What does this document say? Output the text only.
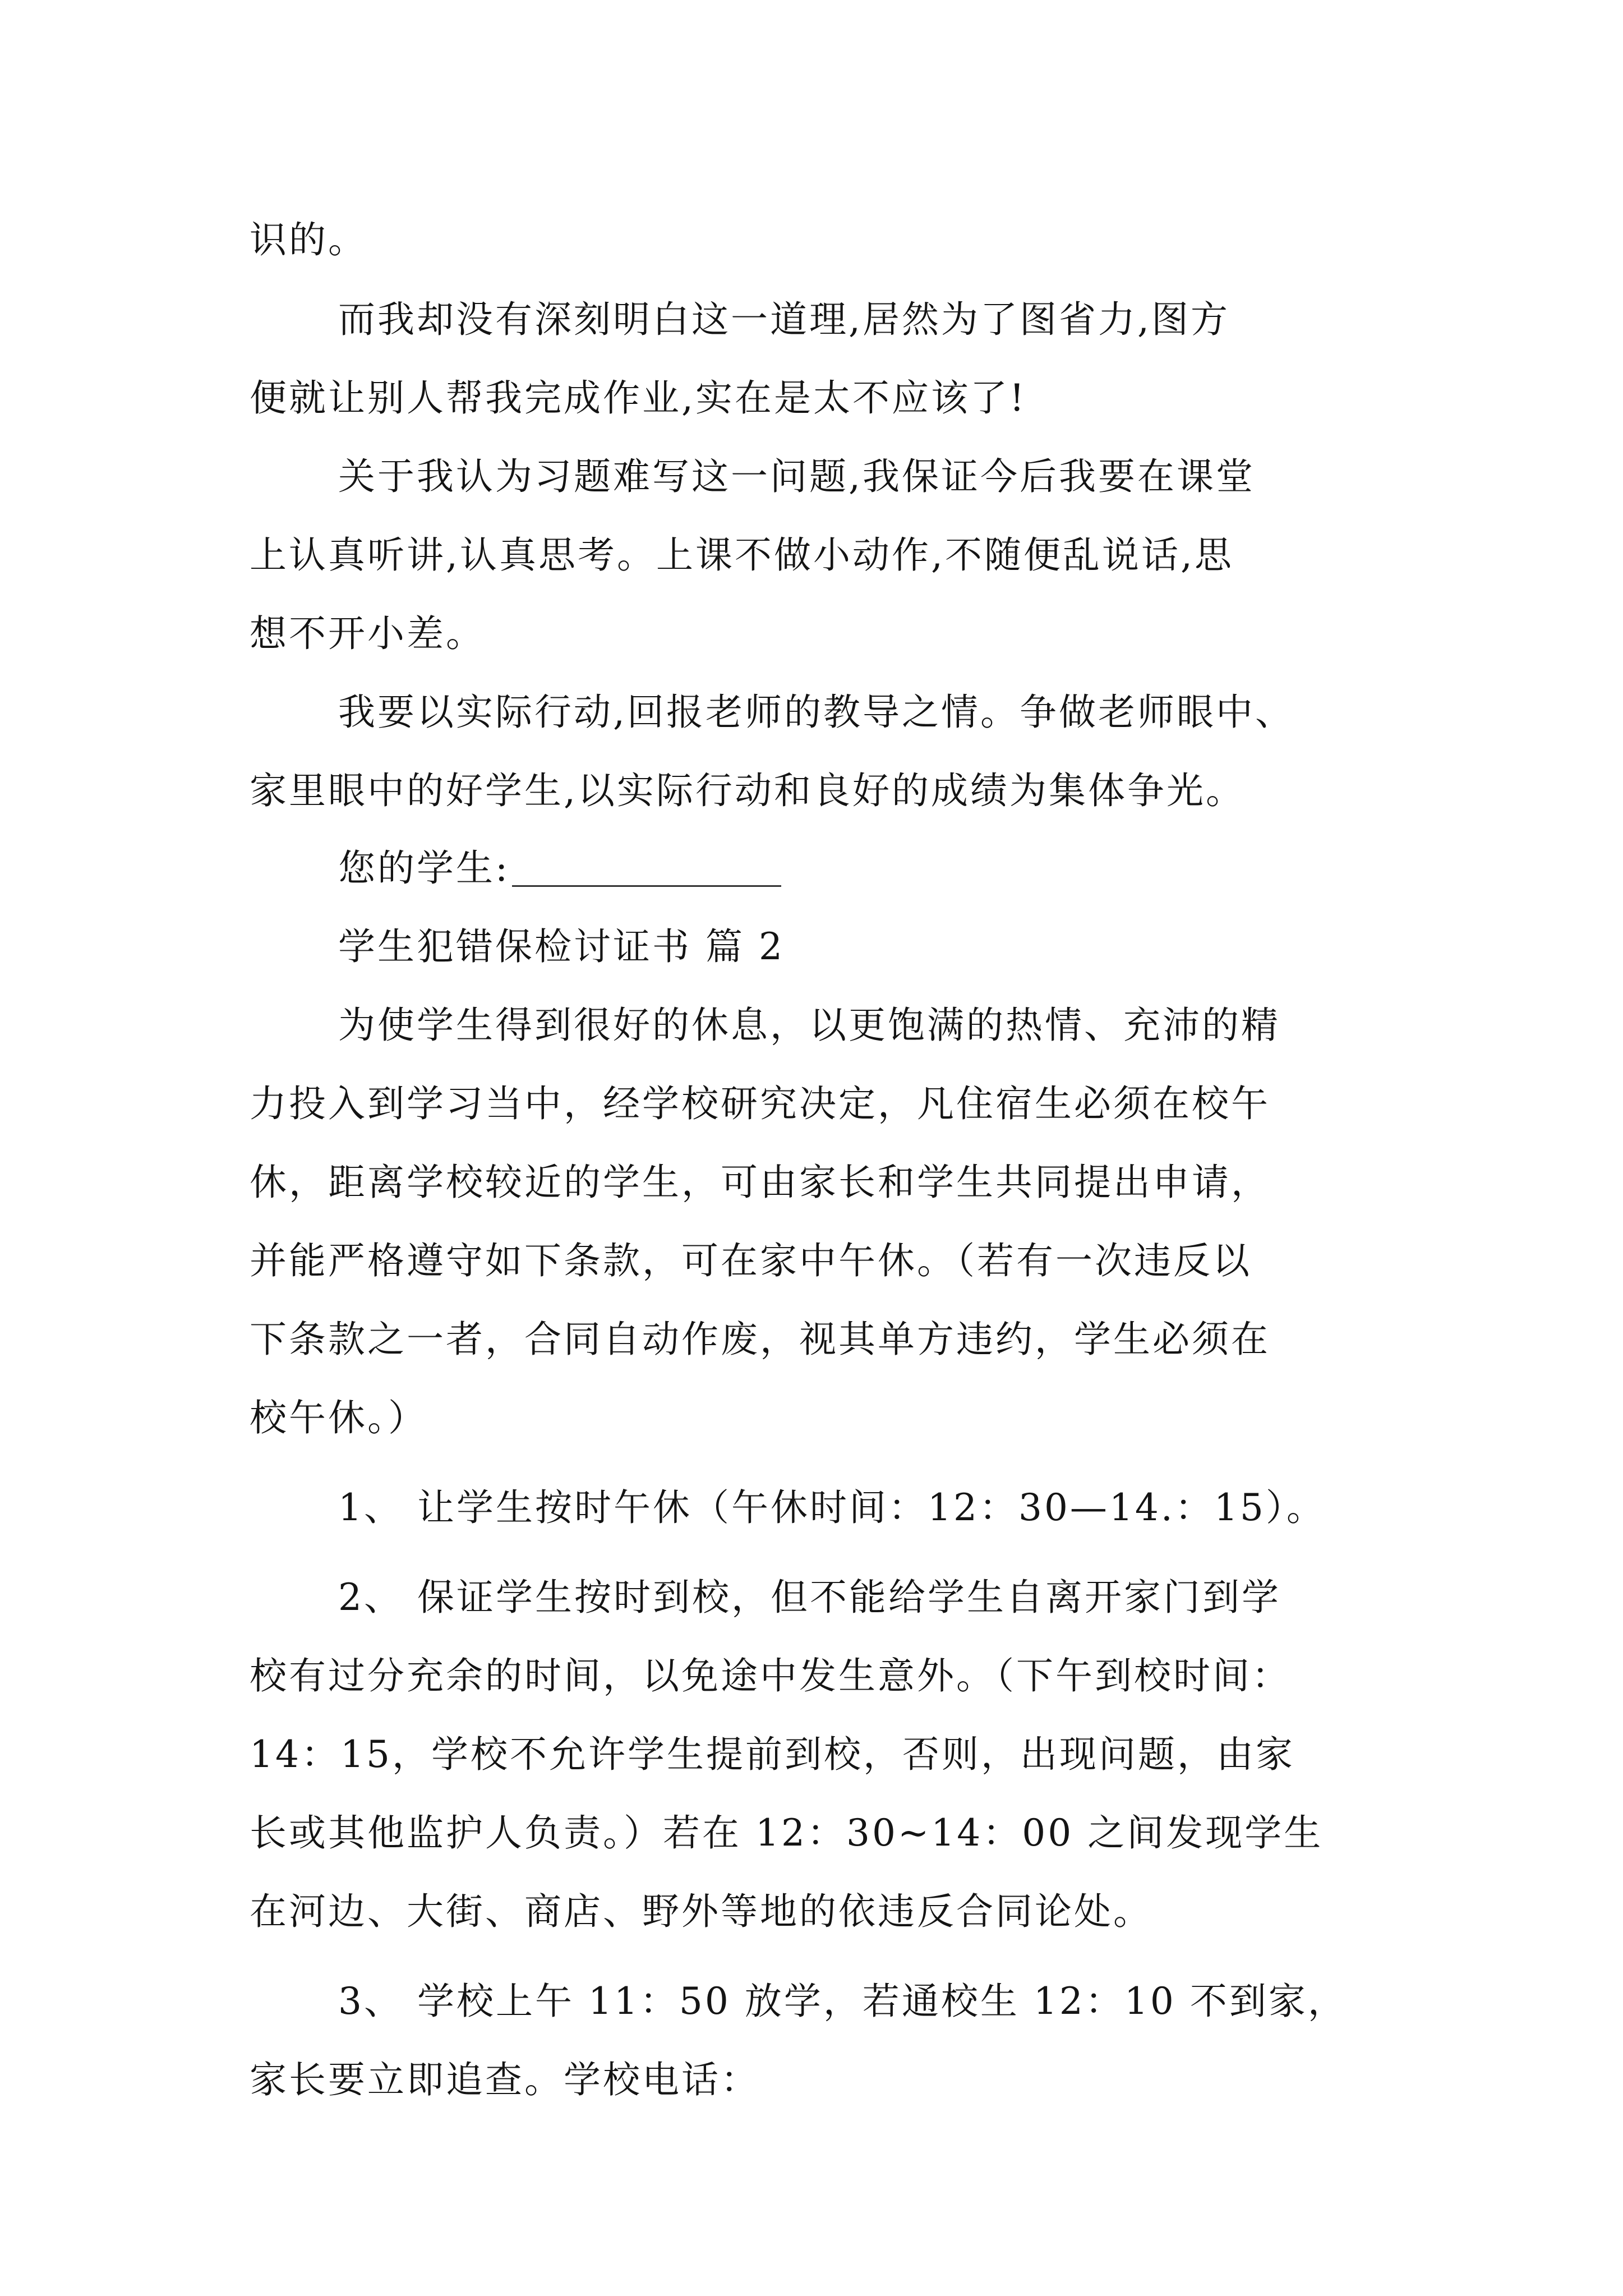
识的。
而我却没有深刻明白这一道理,居然为了图省力,图方
便就让别人帮我完成作业,实在是太不应该了!
关于我认为习题难写这一问题,我保证今后我要在课堂
上认真听讲,认真思考。上课不做小动作,不随便乱说话,思
想不开小差。
我要以实际行动,回报老师的教导之情。争做老师眼中、
家里眼中的好学生,以实际行动和良好的成绩为集体争光。
您的学生:
学生犯错保检讨证书 篇 2
为使学生得到很好的休息，以更饱满的热情、充沛的精
力投入到学习当中，经学校研究决定，凡住宿生必须在校午
休，距离学校较近的学生，可由家长和学生共同提出申请，
并能严格遵守如下条款，可在家中午休。（若有一次违反以
下条款之一者，合同自动作废，视其单方违约，学生必须在
校午休。）
1、 让学生按时午休（午休时间：12：30—14.：15）。
2、 保证学生按时到校，但不能给学生自离开家门到学
校有过分充余的时间，以免途中发生意外。（下午到校时间：
14：15，学校不允许学生提前到校，否则，出现问题，由家
长或其他监护人负责。）若在 12：30~14：00 之间发现学生
在河边、大街、商店、野外等地的依违反合同论处。
3、 学校上午 11：50 放学，若通校生 12：10 不到家，
家长要立即追查。学校电话：
